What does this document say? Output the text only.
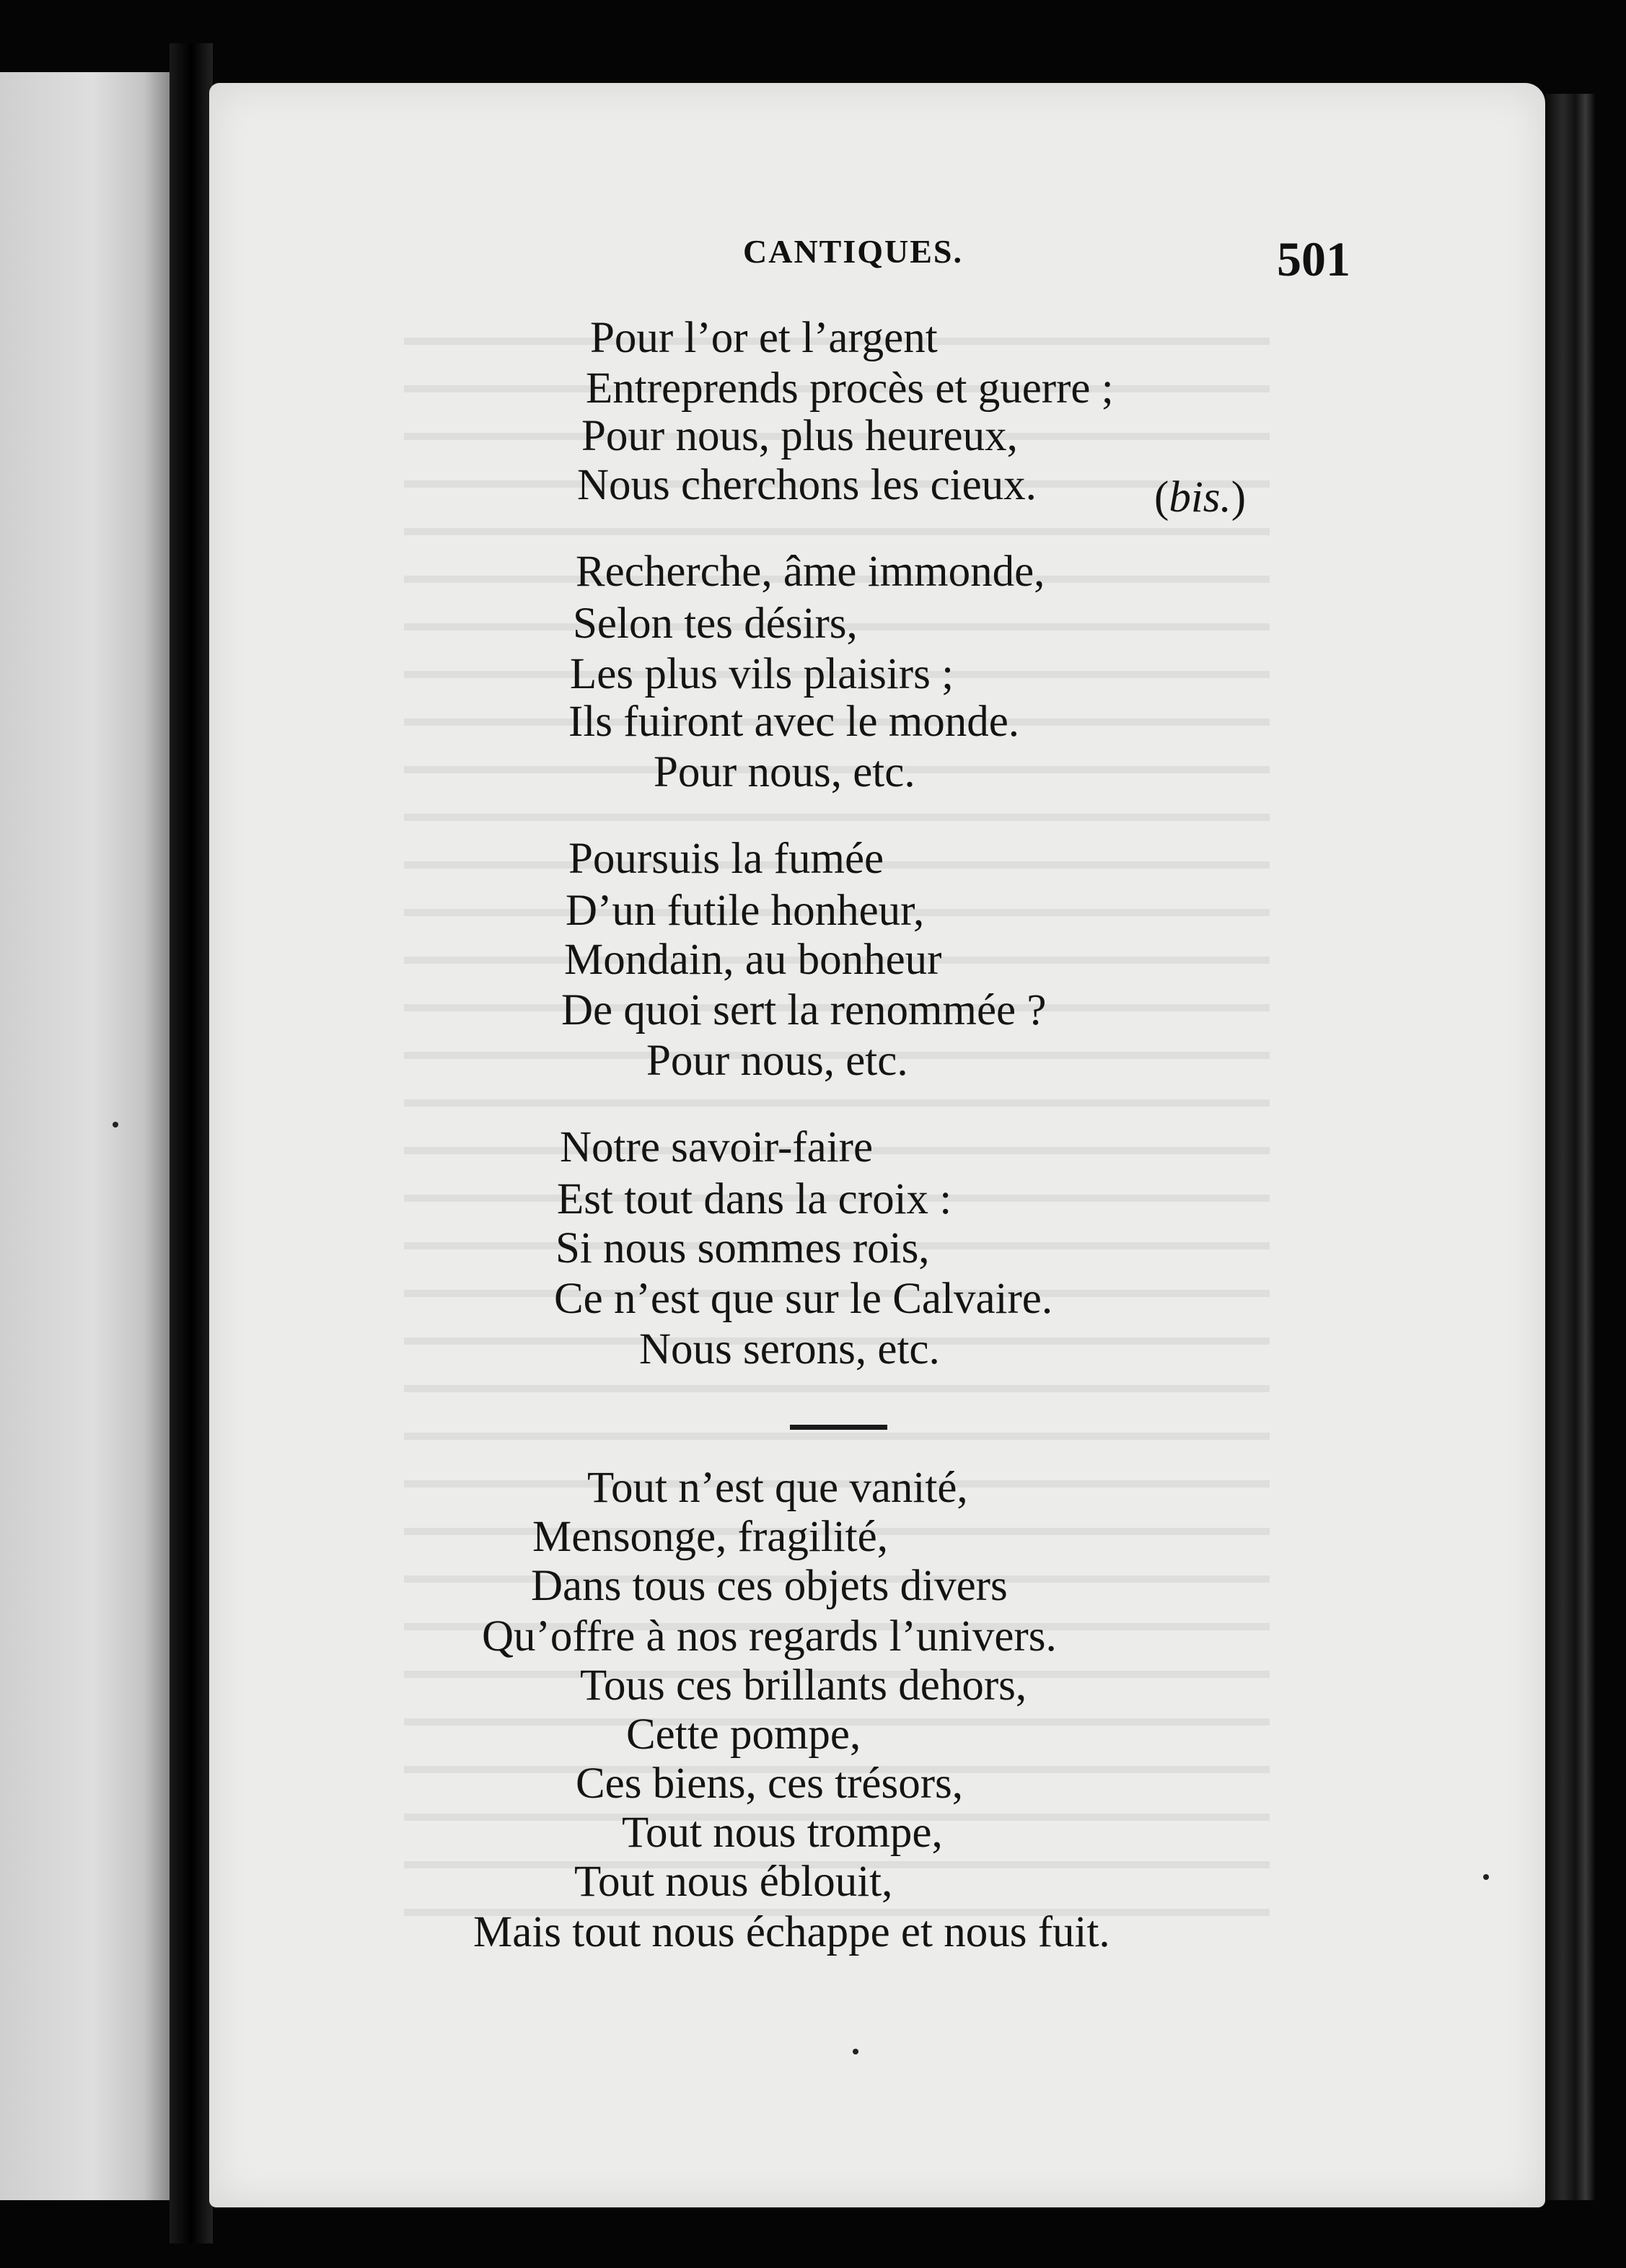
CANTIQUES.	501
Pour l’or et l’argent
Entreprends procès et guerre ;
Pour nous, plus heureux,
Nous cherchons les cieux.	(bis.)
Recherche, âme immonde,
Selon tes désirs,
Les plus vils plaisirs ;
Ils fuiront avec le monde.
Pour nous, etc.
Poursuis la fumée
D’un futile honheur,
Mondain, au bonheur
De quoi sert la renommée ?
Pour nous, etc.
Notre savoir-faire
Est tout dans la croix :
Si nous sommes rois,
Ce n’est que sur le Calvaire.
Nous serons, etc.
Tout n’est que vanité,
Mensonge, fragilité,
Dans tous ces objets divers
Qu’offre à nos regards l’univers.
Tous ces brillants dehors,
Cette pompe,
Ces biens, ces trésors,
Tout nous trompe,
Tout nous éblouit,
Mais tout nous échappe et nous fuit.
